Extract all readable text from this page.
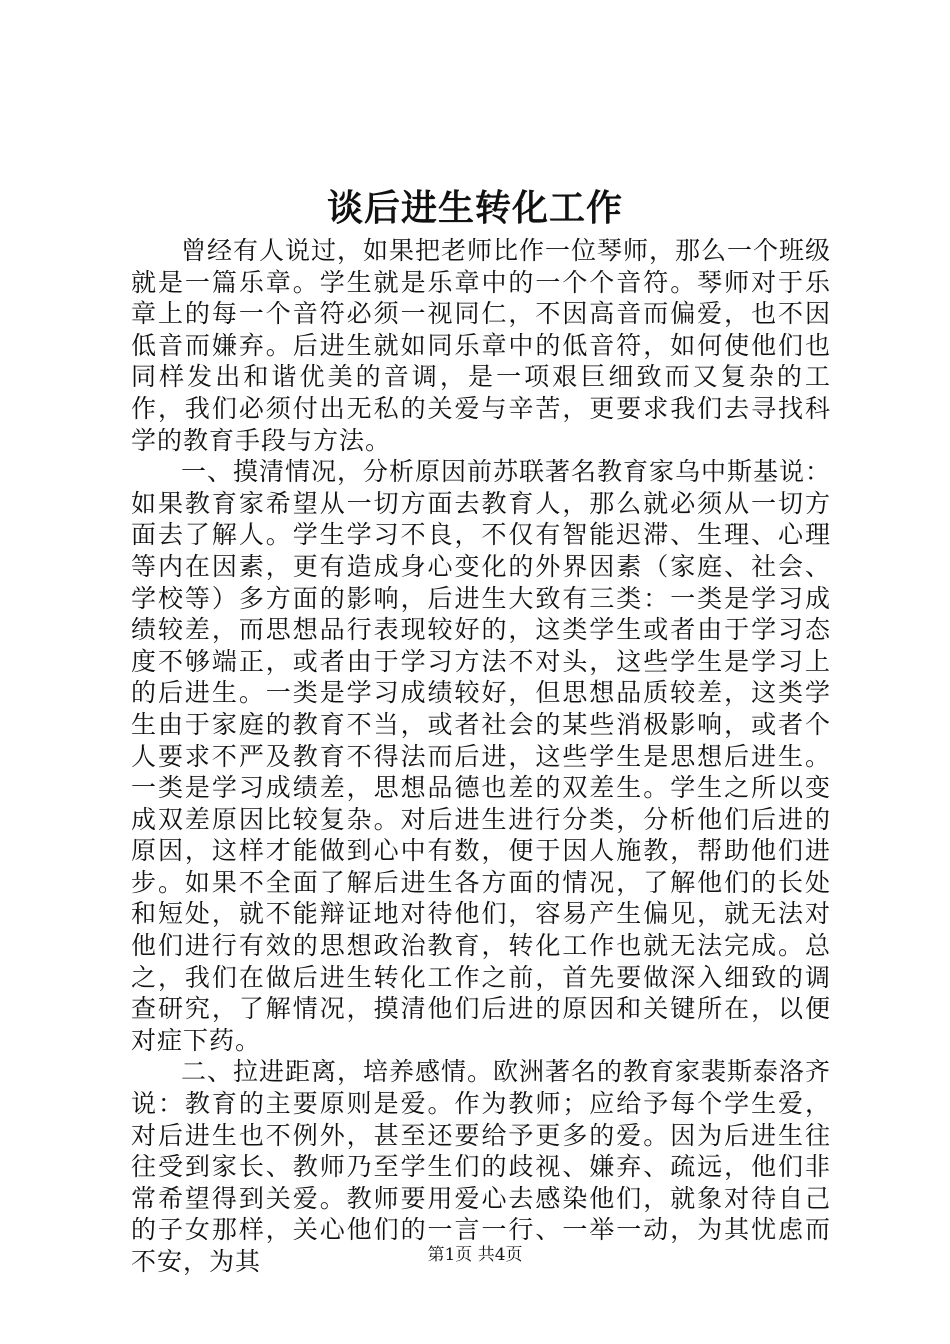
谈后进生转化工作

曾经有人说过，如果把老师比作一位琴师，那么一个班级就是一篇乐章。学生就是乐章中的一个个音符。琴师对于乐章上的每一个音符必须一视同仁，不因高音而偏爱，也不因低音而嫌弃。后进生就如同乐章中的低音符，如何使他们也同样发出和谐优美的音调，是一项艰巨细致而又复杂的工作，我们必须付出无私的关爱与辛苦，更要求我们去寻找科学的教育手段与方法。

一、摸清情况，分析原因前苏联著名教育家乌中斯基说：如果教育家希望从一切方面去教育人，那么就必须从一切方面去了解人。学生学习不良，不仅有智能迟滞、生理、心理等内在因素，更有造成身心变化的外界因素（家庭、社会、学校等）多方面的影响，后进生大致有三类：一类是学习成绩较差，而思想品行表现较好的，这类学生或者由于学习态度不够端正，或者由于学习方法不对头，这些学生是学习上的后进生。一类是学习成绩较好，但思想品质较差，这类学生由于家庭的教育不当，或者社会的某些消极影响，或者个人要求不严及教育不得法而后进，这些学生是思想后进生。一类是学习成绩差，思想品德也差的双差生。学生之所以变成双差原因比较复杂。对后进生进行分类，分析他们后进的原因，这样才能做到心中有数，便于因人施教，帮助他们进步。如果不全面了解后进生各方面的情况，了解他们的长处和短处，就不能辩证地对待他们，容易产生偏见，就无法对他们进行有效的思想政治教育，转化工作也就无法完成。总之，我们在做后进生转化工作之前，首先要做深入细致的调查研究，了解情况，摸清他们后进的原因和关键所在，以便对症下药。

二、拉进距离，培养感情。欧洲著名的教育家裴斯泰洛齐说：教育的主要原则是爱。作为教师；应给予每个学生爱，对后进生也不例外，甚至还要给予更多的爱。因为后进生往往受到家长、教师乃至学生们的歧视、嫌弃、疏远，他们非常希望得到关爱。教师要用爱心去感染他们，就象对待自己的子女那样，关心他们的一言一行、一举一动，为其忧虑而不安，为其	第1页 共4页
